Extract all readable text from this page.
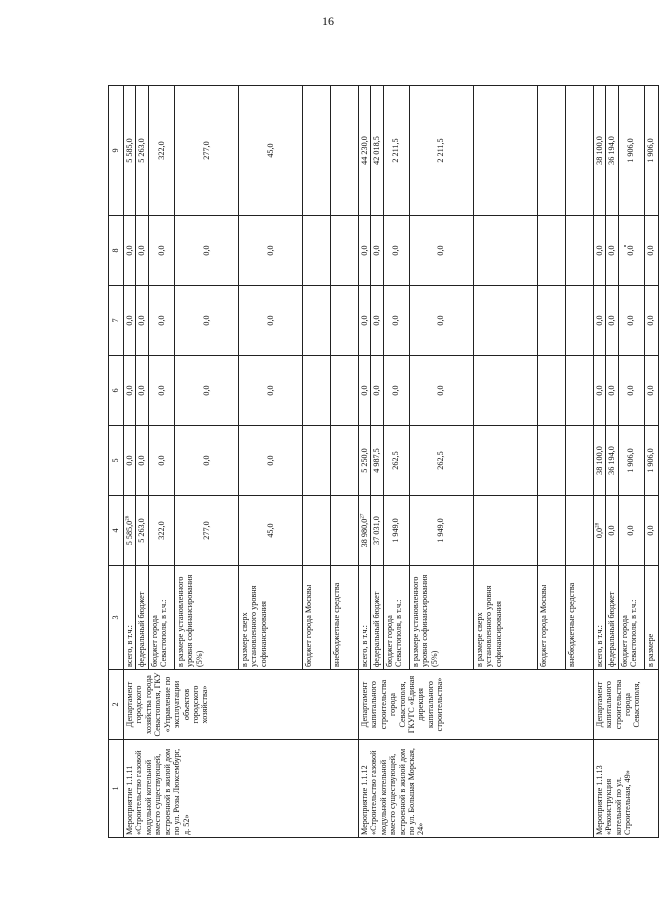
16
1	2	3	4	5	6	7	8	9
Мероприятие 1.1.11 «Строительство газовой модульной котельной вместо существующей, встроенной в жилой дом по ул. Розы Люксембург, д. 52»	Департамент городского хозяйства города Севастополя, ГКУ «Управление по эксплуатации объектов городского хозяйства»	всего, в т.ч.:	5 585,0$^{26}$	0,0	0,0	0,0	0,0	5 585,0
		федеральный бюджет	5 263,0	0,0	0,0	0,0	0,0	5 263,0
		бюджет города Севастополя, в т.ч.:	322,0	0,0	0,0	0,0	0,0	322,0
		в размере установленного уровня софинансирования (5%)	277,0	0,0	0,0	0,0	0,0	277,0
		в размере сверх установленного уровня софинансирования	45,0	0,0	0,0	0,0	0,0	45,0
		бюджет города Москвы						
		внебюджетные средства						
Мероприятие 1.1.12 «Строительство газовой модульной котельной вместо существующей, встроенной в жилой дом по ул. Большая Морская, 24»	Департамент капитального строительства города Севастополя, ГКУГС «Единая дирекция капитального строительства»	всего, в т.ч.:	38 980,0$^{27}$	5 250,0	0,0	0,0	0,0	44 230,0
		федеральный бюджет	37 031,0	4 987,5	0,0	0,0	0,0	42 018,5
		бюджет города Севастополя, в т.ч.:	1 949,0	262,5	0,0	0,0	0,0	2 211,5
		в размере установленного уровня софинансирования (5%)	1 949,0	262,5	0,0	0,0	0,0	2 211,5
		в размере сверх установленного уровня софинансирования						
		бюджет города Москвы						
		внебюджетные средства						
Мероприятие 1.1.13 «Реконструкция котельной по ул. Строительная, 49»	Департамент капитального строительства города Севастополя,	всего, в т.ч.:	$0,0^{28}$	38 100,0	0,0	0,0	0,0	38 100,0
		федеральный бюджет	0,0	36 194,0	0,0	0,0	0,0	36 194,0
		бюджет города Севастополя, в т.ч.:	0,0	1 906,0	0,0	0,0	0,0	1 906,0
		в размере	0,0	1 906,0	0,0	0,0	0,0	1 906,0
